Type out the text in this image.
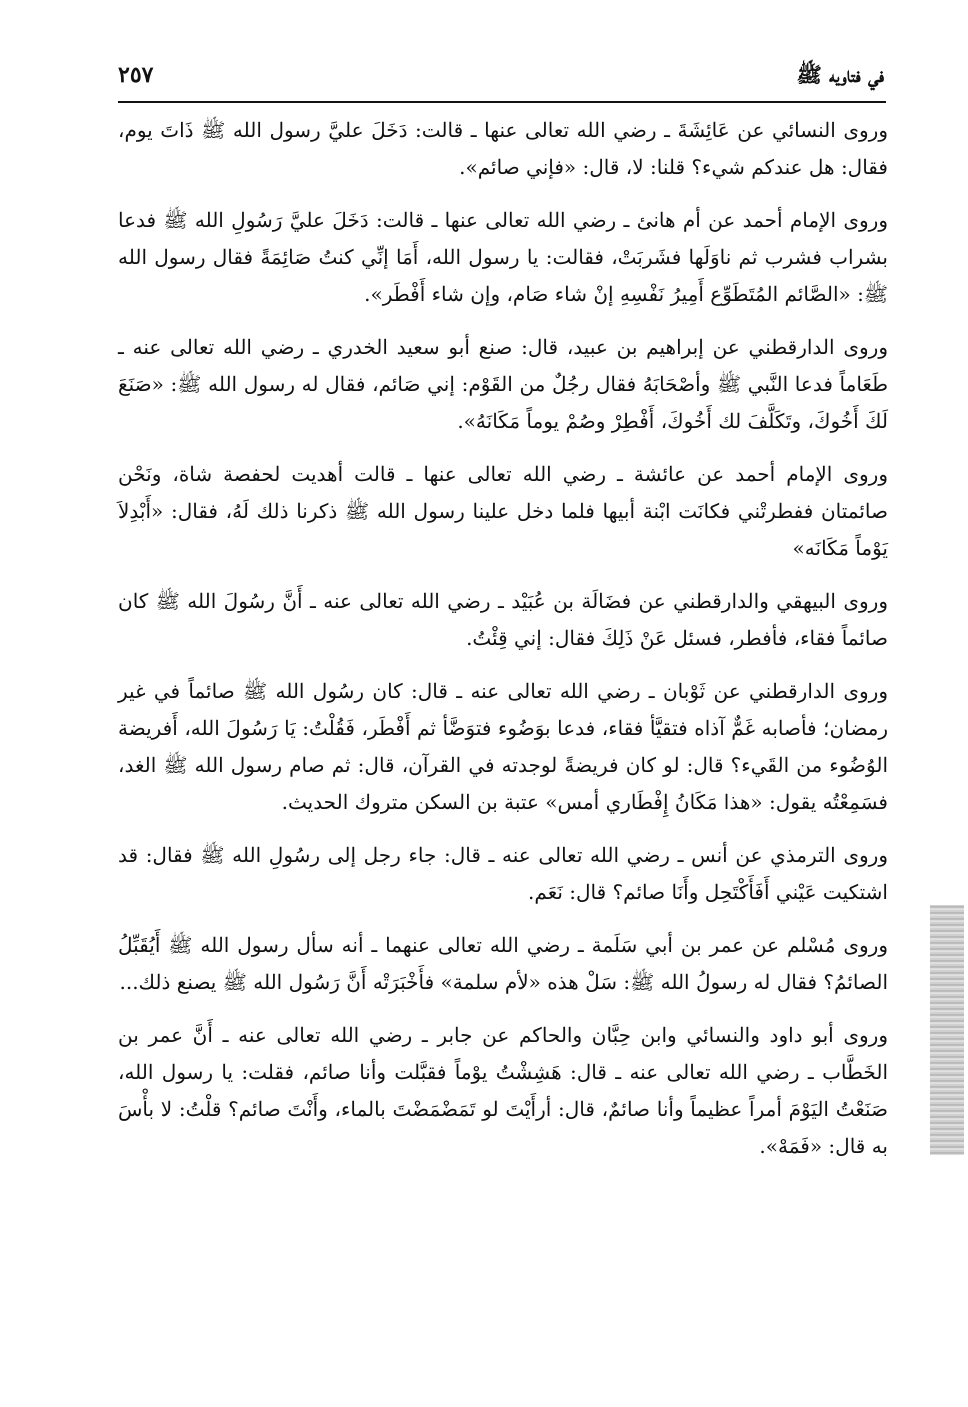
في فتاويه ﷺ
٢٥٧

وروى النسائي عن عَائِشَةَ ـ رضي الله تعالى عنها ـ قالت: دَخَلَ عليَّ رسول الله ﷺ ذَاتَ يوم، فقال: هل عندكم شيء؟ قلنا: لا، قال: «فإني صائم».

وروى الإمام أحمد عن أم هانئ ـ رضي الله تعالى عنها ـ قالت: دَخَلَ عليَّ رَسُولِ الله ﷺ فدعا بشراب فشرب ثم ناوَلَها فشَربَتْ، فقالت: يا رسول الله، أَمَا إنِّي كنتُ صَائِمَةً فقال رسول الله ﷺ: «الصَّائم المُتَطَوِّع أَمِيرُ نَفْسِهِ إنْ شاء صَام، وإن شاء أَفْطَر».

وروى الدارقطني عن إبراهيم بن عبيد، قال: صنع أبو سعيد الخدري ـ رضي الله تعالى عنه ـ طَعَاماً فدعا النَّبي ﷺ وأصْحَابَهُ فقال رجُلٌ من القَوْم: إني صَائم، فقال له رسول الله ﷺ: «صَنَعَ لَكَ أَخُوكَ، وتَكَلَّفَ لك أَخُوكَ، أَفْطِرْ وصُمْ يوماً مَكَانَهُ».

وروى الإمام أحمد عن عائشة ـ رضي الله تعالى عنها ـ قالت أهديت لحفصة شاة، ونَحْن صائمتان ففطرتْني فكانَت ابْنة أبيها فلما دخل علينا رسول الله ﷺ ذكرنا ذلك لَهُ، فقال: «أَبْدِلاَ يَوْماً مَكَانَه»

وروى البيهقي والدارقطني عن فضَالَة بن عُبَيْد ـ رضي الله تعالى عنه ـ أَنَّ رسُولَ الله ﷺ كان صائماً فقاء، فأفطر، فسئل عَنْ ذَلِكَ فقال: إني قِئْتُ.

وروى الدارقطني عن ثَوْبان ـ رضي الله تعالى عنه ـ قال: كان رسُول الله ﷺ صائماً في غير رمضان؛ فأصابه غَمٌّ آذاه فتقيَّأ فقاء، فدعا بوَضُوء فتوَضَّأ ثم أَفْطَر، فَقُلْتُ: يَا رَسُولَ الله، أَفريضة الوُضُوء من القَيء؟ قال: لو كان فريضةً لوجدته في القرآن، قال: ثم صام رسول الله ﷺ الغد، فسَمِعْتُه يقول: «هذا مَكَانُ إِفْطَاري أمس» عتبة بن السكن متروك الحديث.

وروى الترمذي عن أنس ـ رضي الله تعالى عنه ـ قال: جاء رجل إلى رسُولِ الله ﷺ فقال: قد اشتكيت عَيْني أَفَأَكْتَحِل وأَنَا صائم؟ قال: نَعَم.

وروى مُسْلم عن عمر بن أبي سَلَمة ـ رضي الله تعالى عنهما ـ أنه سأل رسول الله ﷺ أَيُقَبِّلُ الصائمُ؟ فقال له رسولُ الله ﷺ: سَلْ هذه «لأم سلمة» فأَخْبَرَتْه أَنَّ رَسُول الله ﷺ يصنع ذلك...

وروى أبو داود والنسائي وابن حِبَّان والحاكم عن جابر ـ رضي الله تعالى عنه ـ أَنَّ عمر بن الخَطَّاب ـ رضي الله تعالى عنه ـ قال: هَشِشْتُ يوْماً فقبَّلت وأنا صائم، فقلت: يا رسول الله، صَنَعْتُ اليَوْمَ أمراً عظيماً وأنا صائمٌ، قال: أرأَيْتَ لو تَمَضْمَضْتَ بالماء، وأَنْتَ صائم؟ قلْتُ: لا بأْسَ به قال: «فَمَهْ».
